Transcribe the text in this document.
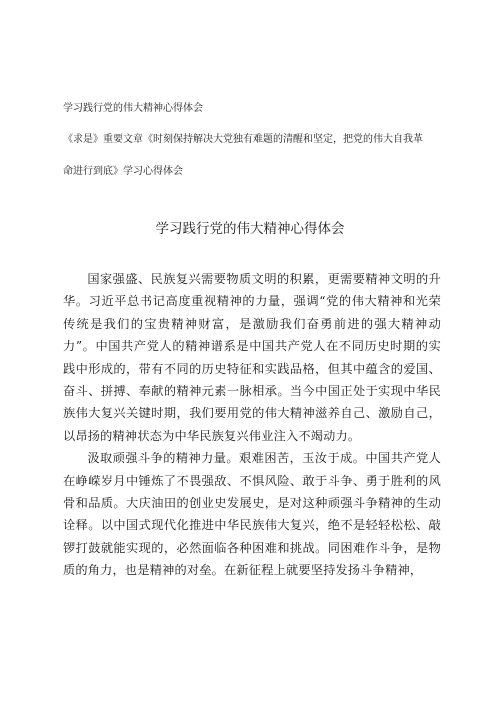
学习践行党的伟大精神心得体会
《求是》重要文章《时刻保持解决大党独有难题的清醒和坚定，把党的伟大自我革
命进行到底》学习心得体会
学习践行党的伟大精神心得体会

国家强盛、民族复兴需要物质文明的积累，更需要精神文明的升华。习近平总书记高度重视精神的力量，强调“党的伟大精神和光荣传统是我们的宝贵精神财富，是激励我们奋勇前进的强大精神动力”。中国共产党人的精神谱系是中国共产党人在不同历史时期的实践中形成的，带有不同的历史特征和实践品格，但其中蕴含的爱国、奋斗、拼搏、奉献的精神元素一脉相承。当今中国正处于实现中华民族伟大复兴关键时期，我们要用党的伟大精神滋养自己、激励自己，以昂扬的精神状态为中华民族复兴伟业注入不竭动力。

汲取顽强斗争的精神力量。艰难困苦，玉汝于成。中国共产党人在峥嵘岁月中锤炼了不畏强敌、不惧风险、敢于斗争、勇于胜利的风骨和品质。大庆油田的创业史发展史，是对这种顽强斗争精神的生动诠释。以中国式现代化推进中华民族伟大复兴，绝不是轻轻松松、敲锣打鼓就能实现的，必然面临各种困难和挑战。同困难作斗争，是物质的角力，也是精神的对垒。在新征程上就要坚持发扬斗争精神，
